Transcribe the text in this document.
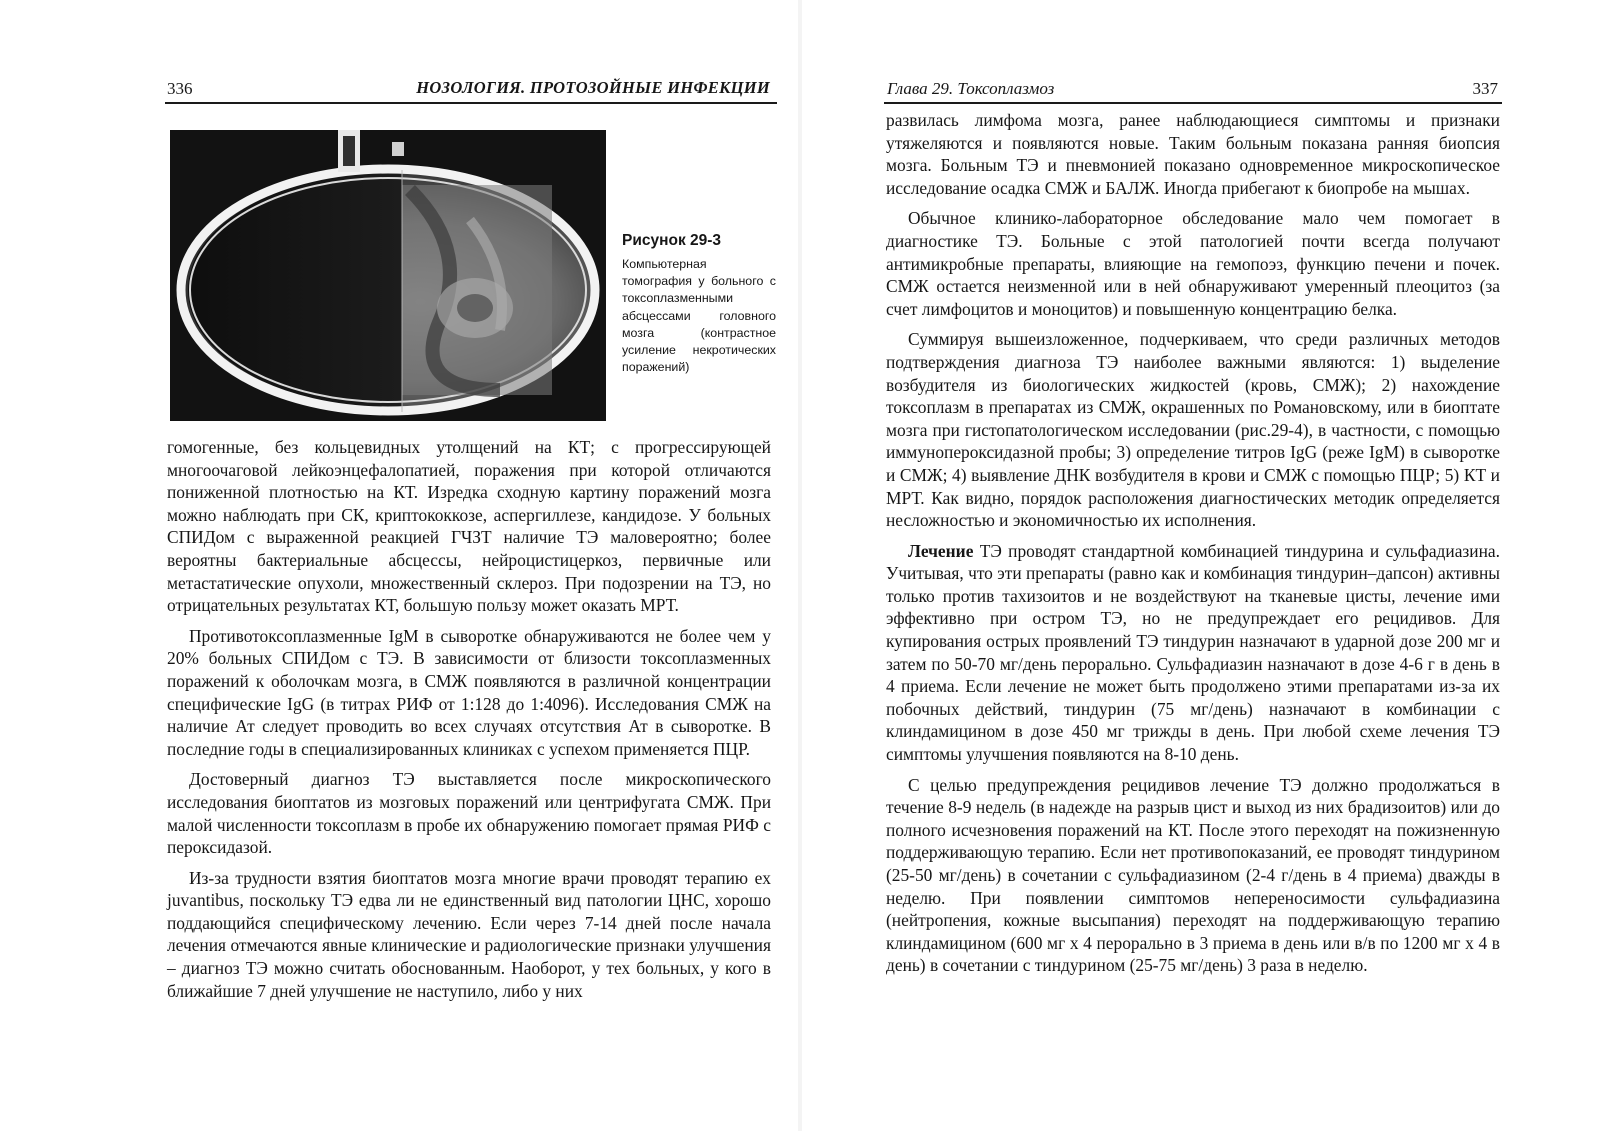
336	НОЗОЛОГИЯ. ПРОТОЗОЙНЫЕ ИНФЕКЦИИ
Рисунок 29-3
Компьютерная томография у больного с токсоплазменными абсцессами головного мозга (контрастное усиление некротических поражений)

гомогенные, без кольцевидных утолщений на КТ; с прогрессирующей многоочаговой лейкоэнцефалопатией, поражения при которой отличаются пониженной плотностью на КТ. Изредка сходную картину поражений мозга можно наблюдать при СК, криптококкозе, аспергиллезе, кандидозе. У больных СПИДом с выраженной реакцией ГЧЗТ наличие ТЭ маловероятно; более вероятны бактериальные абсцессы, нейроцистицеркоз, первичные или метастатические опухоли, множественный склероз. При подозрении на ТЭ, но отрицательных результатах КТ, большую пользу может оказать МРТ.

Противотоксоплазменные IgM в сыворотке обнаруживаются не более чем у 20% больных СПИДом с ТЭ. В зависимости от близости токсоплазменных поражений к оболочкам мозга, в СМЖ появляются в различной концентрации специфические IgG (в титрах РИФ от 1:128 до 1:4096). Исследования СМЖ на наличие Ат следует проводить во всех случаях отсутствия Ат в сыворотке. В последние годы в специализированных клиниках с успехом применяется ПЦР.

Достоверный диагноз ТЭ выставляется после микроскопического исследования биоптатов из мозговых поражений или центрифугата СМЖ. При малой численности токсоплазм в пробе их обнаружению помогает прямая РИФ с пероксидазой.

Из-за трудности взятия биоптатов мозга многие врачи проводят терапию ex juvantibus, поскольку ТЭ едва ли не единственный вид патологии ЦНС, хорошо поддающийся специфическому лечению. Если через 7-14 дней после начала лечения отмечаются явные клинические и радиологические признаки улучшения – диагноз ТЭ можно считать обоснованным. Наоборот, у тех больных, у кого в ближайшие 7 дней улучшение не наступило, либо у них

Глава 29. Токсоплазмоз	337

развилась лимфома мозга, ранее наблюдающиеся симптомы и признаки утяжеляются и появляются новые. Таким больным показана ранняя биопсия мозга. Больным ТЭ и пневмонией показано одновременное микроскопическое исследование осадка СМЖ и БАЛЖ. Иногда прибегают к биопробе на мышах.

Обычное клинико-лабораторное обследование мало чем помогает в диагностике ТЭ. Больные с этой патологией почти всегда получают антимикробные препараты, влияющие на гемопоэз, функцию печени и почек. СМЖ остается неизменной или в ней обнаруживают умеренный плеоцитоз (за счет лимфоцитов и моноцитов) и повышенную концентрацию белка.

Суммируя вышеизложенное, подчеркиваем, что среди различных методов подтверждения диагноза ТЭ наиболее важными являются: 1) выделение возбудителя из биологических жидкостей (кровь, СМЖ); 2) нахождение токсоплазм в препаратах из СМЖ, окрашенных по Романовскому, или в биоптате мозга при гистопатологическом исследовании (рис.29-4), в частности, с помощью иммунопероксидазной пробы; 3) определение титров IgG (реже IgM) в сыворотке и СМЖ; 4) выявление ДНК возбудителя в крови и СМЖ с помощью ПЦР; 5) КТ и МРТ. Как видно, порядок расположения диагностических методик определяется несложностью и экономичностью их исполнения.

Лечение ТЭ проводят стандартной комбинацией тиндурина и сульфадиазина. Учитывая, что эти препараты (равно как и комбинация тиндурин–дапсон) активны только против тахизоитов и не воздействуют на тканевые цисты, лечение ими эффективно при остром ТЭ, но не предупреждает его рецидивов. Для купирования острых проявлений ТЭ тиндурин назначают в ударной дозе 200 мг и затем по 50-70 мг/день перорально. Сульфадиазин назначают в дозе 4-6 г в день в 4 приема. Если лечение не может быть продолжено этими препаратами из-за их побочных действий, тиндурин (75 мг/день) назначают в комбинации с клиндамицином в дозе 450 мг трижды в день. При любой схеме лечения ТЭ симптомы улучшения появляются на 8-10 день.

С целью предупреждения рецидивов лечение ТЭ должно продолжаться в течение 8-9 недель (в надежде на разрыв цист и выход из них брадизоитов) или до полного исчезновения поражений на КТ. После этого переходят на пожизненную поддерживающую терапию. Если нет противопоказаний, ее проводят тиндурином (25-50 мг/день) в сочетании с сульфадиазином (2-4 г/день в 4 приема) дважды в неделю. При появлении симптомов непереносимости сульфадиазина (нейтропения, кожные высыпания) переходят на поддерживающую терапию клиндамицином (600 мг x 4 перорально в 3 приема в день или в/в по 1200 мг x 4 в день) в сочетании с тиндурином (25-75 мг/день) 3 раза в неделю.
